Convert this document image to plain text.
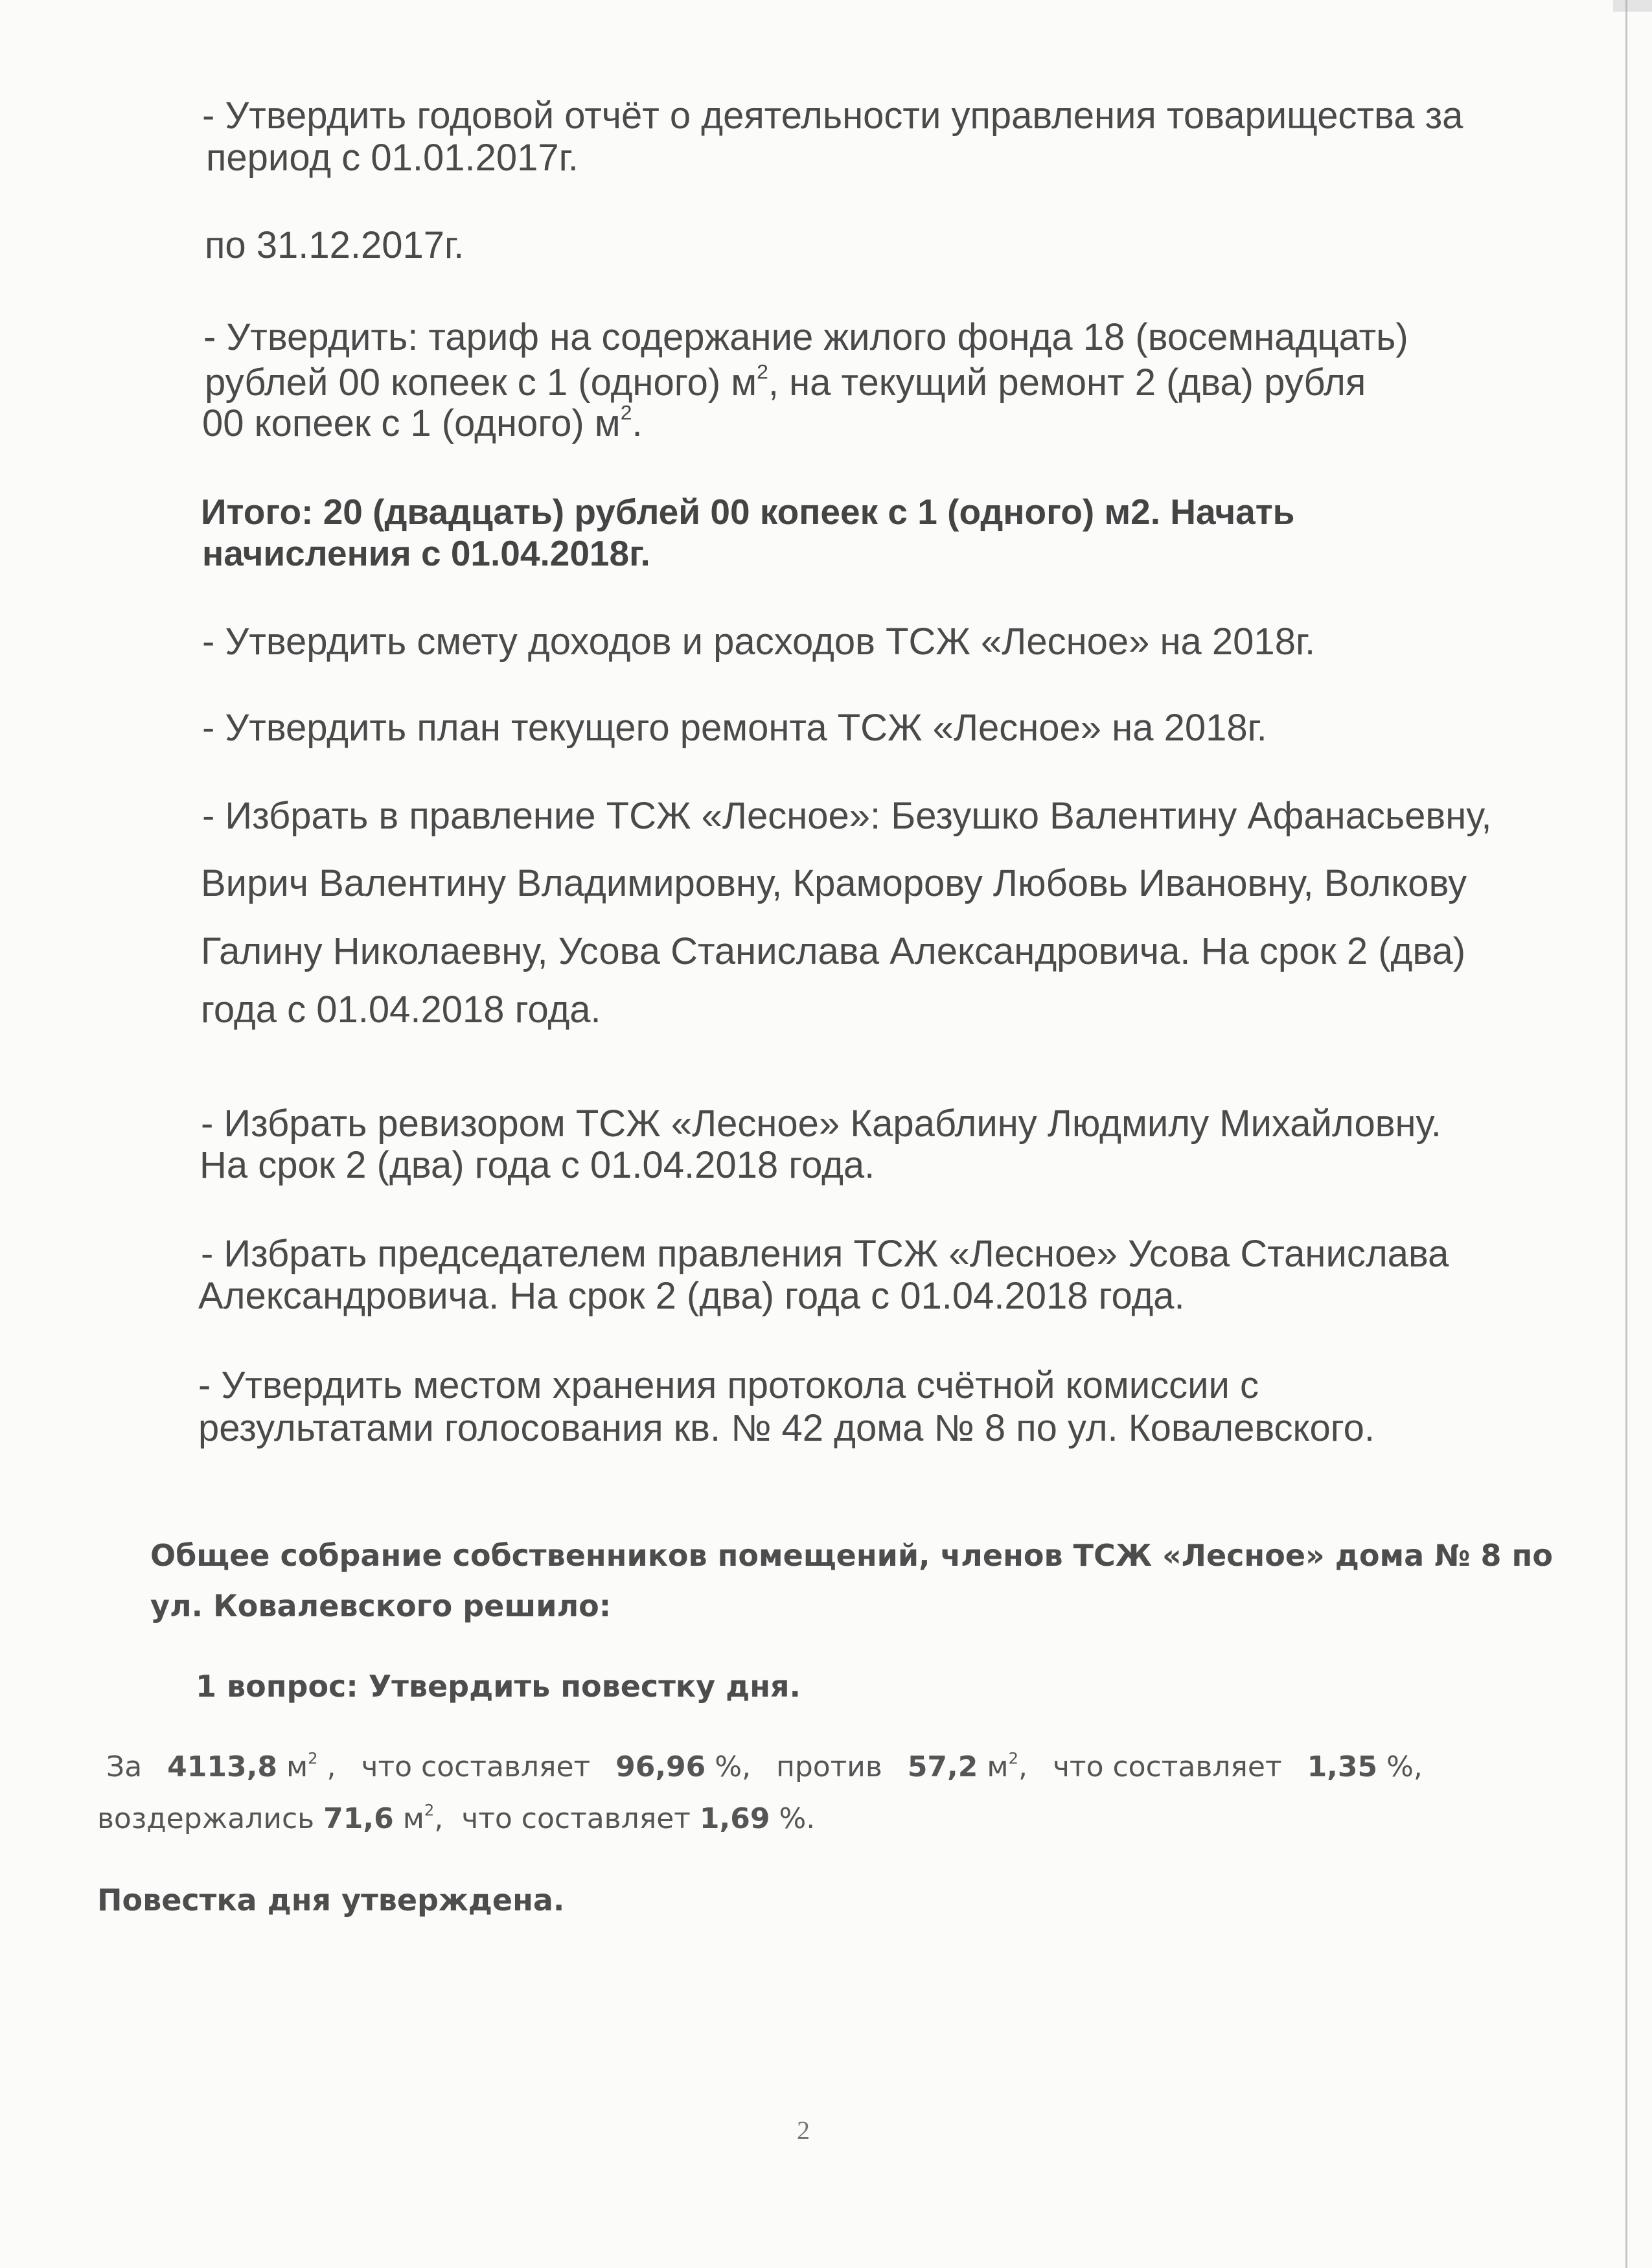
- Утвердить годовой отчёт о деятельности управления товарищества за
период с 01.01.2017г.
по 31.12.2017г.
- Утвердить: тариф на содержание жилого фонда 18 (восемнадцать)
рублей 00 копеек с 1 (одного) $м^2$, на текущий ремонт 2 (два) рубля
00 копеек с 1 (одного) $м^2$.
Итого: 20 (двадцать) рублей 00 копеек с 1 (одного) м2. Начать
начисления с 01.04.2018г.
- Утвердить смету доходов и расходов ТСЖ «Лесное» на 2018г.
- Утвердить план текущего ремонта ТСЖ «Лесное» на 2018г.
- Избрать в правление ТСЖ «Лесное»: Безушко Валентину Афанасьевну,
Вирич Валентину Владимировну, Краморову Любовь Ивановну, Волкову
Галину Николаевну, Усова Станислава Александровича. На срок 2 (два)
года с 01.04.2018 года.
- Избрать ревизором ТСЖ «Лесное» Караблину Людмилу Михайловну.
На срок 2 (два) года с 01.04.2018 года.
- Избрать председателем правления ТСЖ «Лесное» Усова Станислава
Александровича. На срок 2 (два) года с 01.04.2018 года.
- Утвердить местом хранения протокола счётной комиссии с
результатами голосования кв. № 42 дома № 8 по ул. Ковалевского.
Общее собрание собственников помещений, членов ТСЖ «Лесное» дома № 8 по
ул. Ковалевского решило:
1 вопрос: Утвердить повестку дня.
За 4113,8 $м^2$ , что составляет 96,96 %, против 57,2 $м^2$, что составляет 1,35 %,
воздержались 71,6 $м^2$,  что составляет 1,69 %.
Повестка дня утверждена.
2
